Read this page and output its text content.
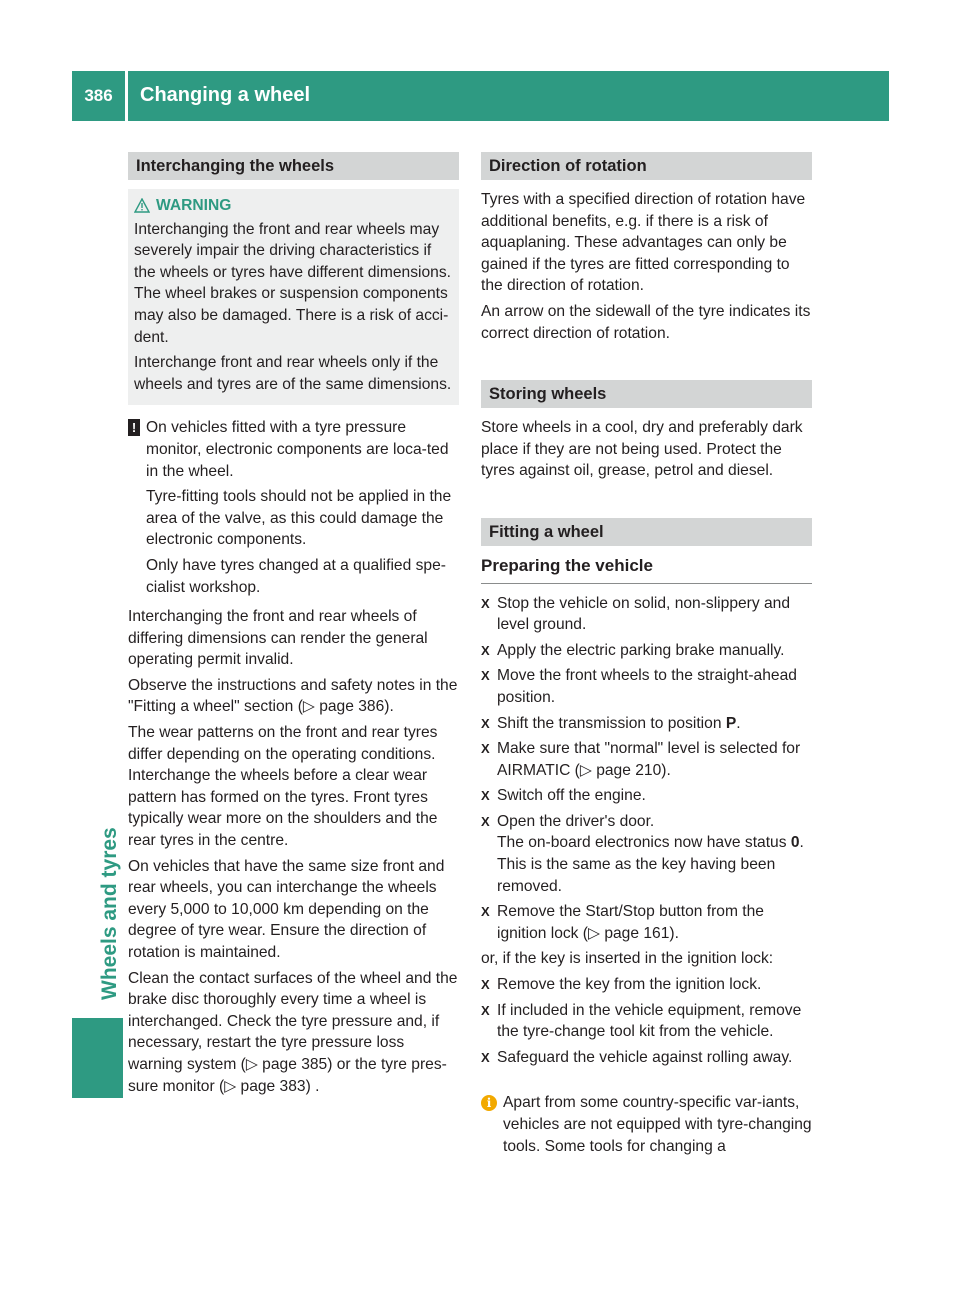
386	Changing a wheel
Wheels and tyres
Interchanging the wheels
WARNING

Interchanging the front and rear wheels may severely impair the driving characteristics if the wheels or tyres have different dimensions. The wheel brakes or suspension components may also be damaged. There is a risk of acci-dent.

Interchange front and rear wheels only if the wheels and tyres are of the same dimensions.

! On vehicles fitted with a tyre pressure monitor, electronic components are loca-ted in the wheel.

Tyre-fitting tools should not be applied in the area of the valve, as this could damage the electronic components.

Only have tyres changed at a qualified spe-cialist workshop.

Interchanging the front and rear wheels of differing dimensions can render the general operating permit invalid.

Observe the instructions and safety notes in the "Fitting a wheel" section (▷ page 386).

The wear patterns on the front and rear tyres differ depending on the operating conditions. Interchange the wheels before a clear wear pattern has formed on the tyres. Front tyres typically wear more on the shoulders and the rear tyres in the centre.

On vehicles that have the same size front and rear wheels, you can interchange the wheels every 5,000 to 10,000 km depending on the degree of tyre wear. Ensure the direction of rotation is maintained.

Clean the contact surfaces of the wheel and the brake disc thoroughly every time a wheel is interchanged. Check the tyre pressure and, if necessary, restart the tyre pressure loss warning system (▷ page 385) or the tyre pres-sure monitor (▷ page 383) .

Direction of rotation

Tyres with a specified direction of rotation have additional benefits, e.g. if there is a risk of aquaplaning. These advantages can only be gained if the tyres are fitted corresponding to the direction of rotation.

An arrow on the sidewall of the tyre indicates its correct direction of rotation.

Storing wheels

Store wheels in a cool, dry and preferably dark place if they are not being used. Protect the tyres against oil, grease, petrol and diesel.

Fitting a wheel
Preparing the vehicle
X Stop the vehicle on solid, non-slippery and level ground.
X Apply the electric parking brake manually.
X Move the front wheels to the straight-ahead position.
X Shift the transmission to position P.
X Make sure that "normal" level is selected for AIRMATIC (▷ page 210).
X Switch off the engine.
X Open the driver's door.
The on-board electronics now have status 0. This is the same as the key having been removed.
X Remove the Start/Stop button from the ignition lock (▷ page 161).

or, if the key is inserted in the ignition lock:

X Remove the key from the ignition lock.
X If included in the vehicle equipment, remove the tyre-change tool kit from the vehicle.
X Safeguard the vehicle against rolling away.
i Apart from some country-specific var-iants, vehicles are not equipped with tyre-changing tools. Some tools for changing a
